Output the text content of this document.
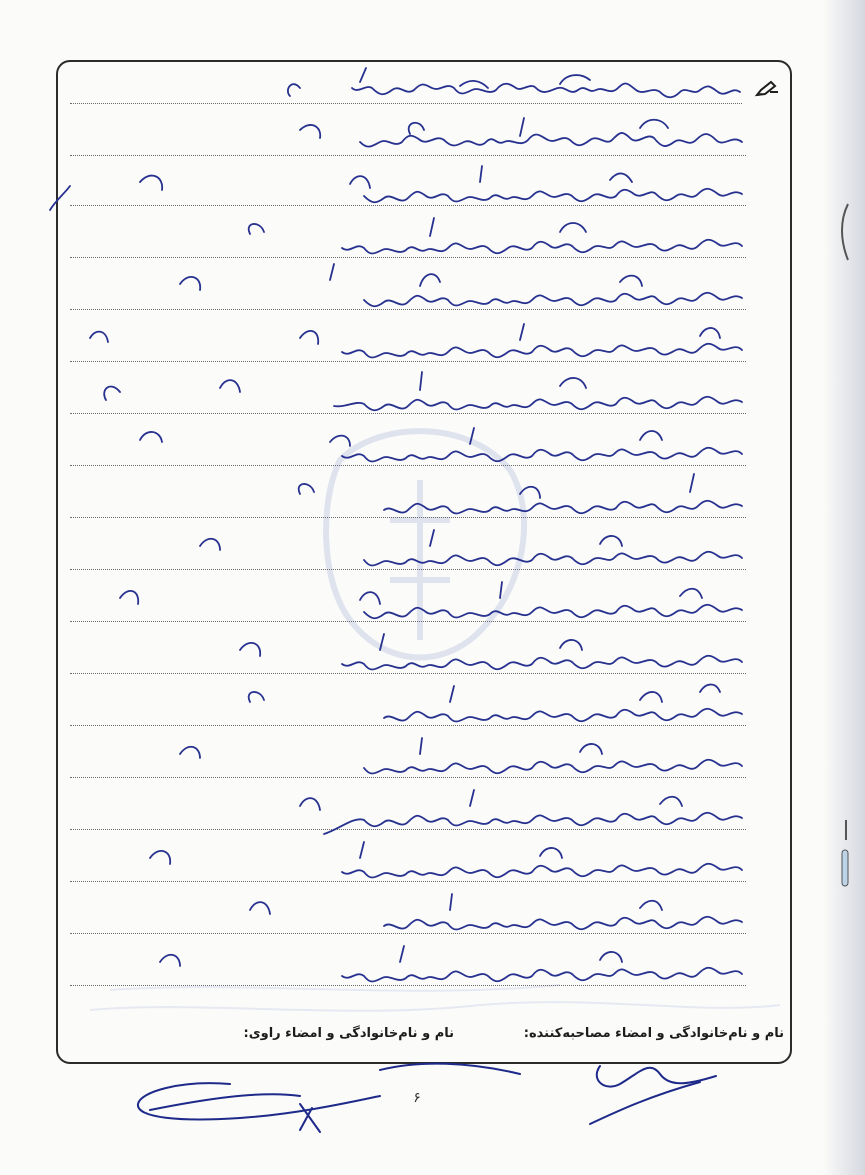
نام و نام‌خانوادگی و امضاء مصاحبه‌کننده:
نام و نام‌خانوادگی و امضاء راوی:
۶
